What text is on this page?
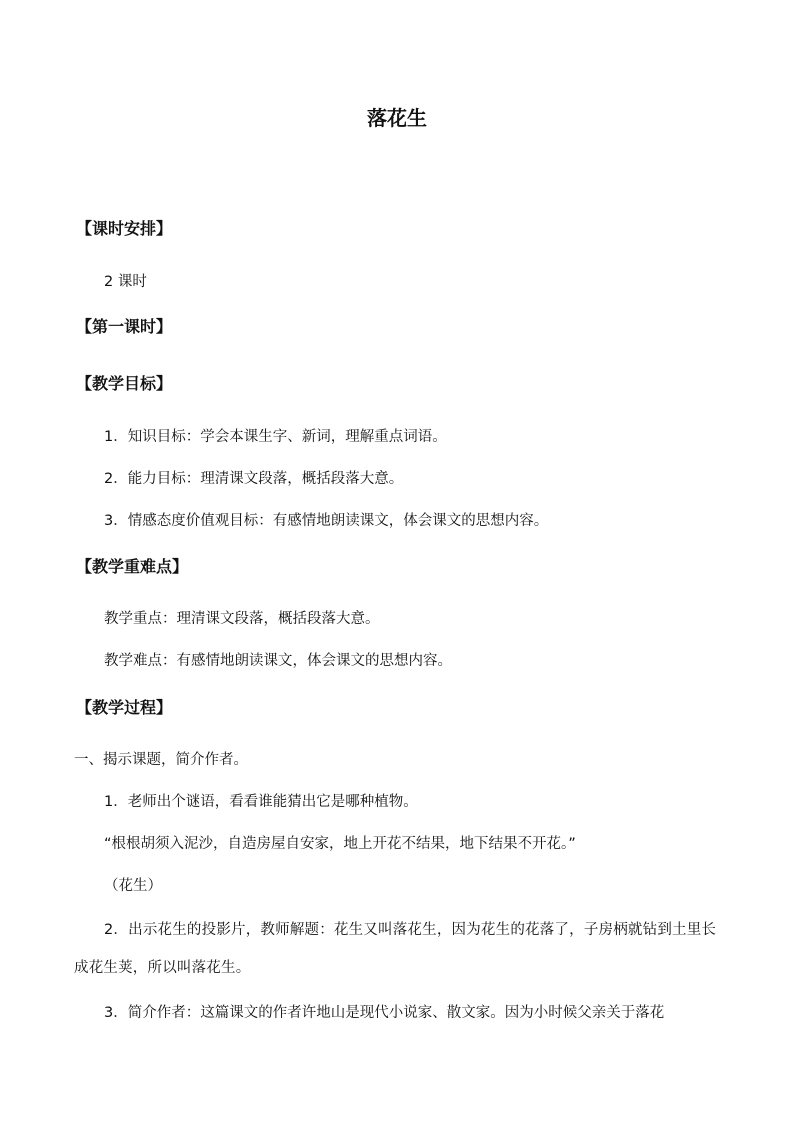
落花生
【课时安排】
2 课时
【第一课时】
【教学目标】
1．知识目标：学会本课生字、新词，理解重点词语。
2．能力目标：理清课文段落，概括段落大意。
3．情感态度价值观目标：有感情地朗读课文，体会课文的思想内容。
【教学重难点】
教学重点：理清课文段落，概括段落大意。
教学难点：有感情地朗读课文，体会课文的思想内容。
【教学过程】
一、揭示课题，简介作者。
1．老师出个谜语，看看谁能猜出它是哪种植物。
“根根胡须入泥沙，自造房屋自安家，地上开花不结果，地下结果不开花。”
（花生）
2．出示花生的投影片，教师解题：花生又叫落花生，因为花生的花落了，子房柄就钻到土里长成花生荚，所以叫落花生。
3．简介作者：这篇课文的作者许地山是现代小说家、散文家。因为小时候父亲关于落花
